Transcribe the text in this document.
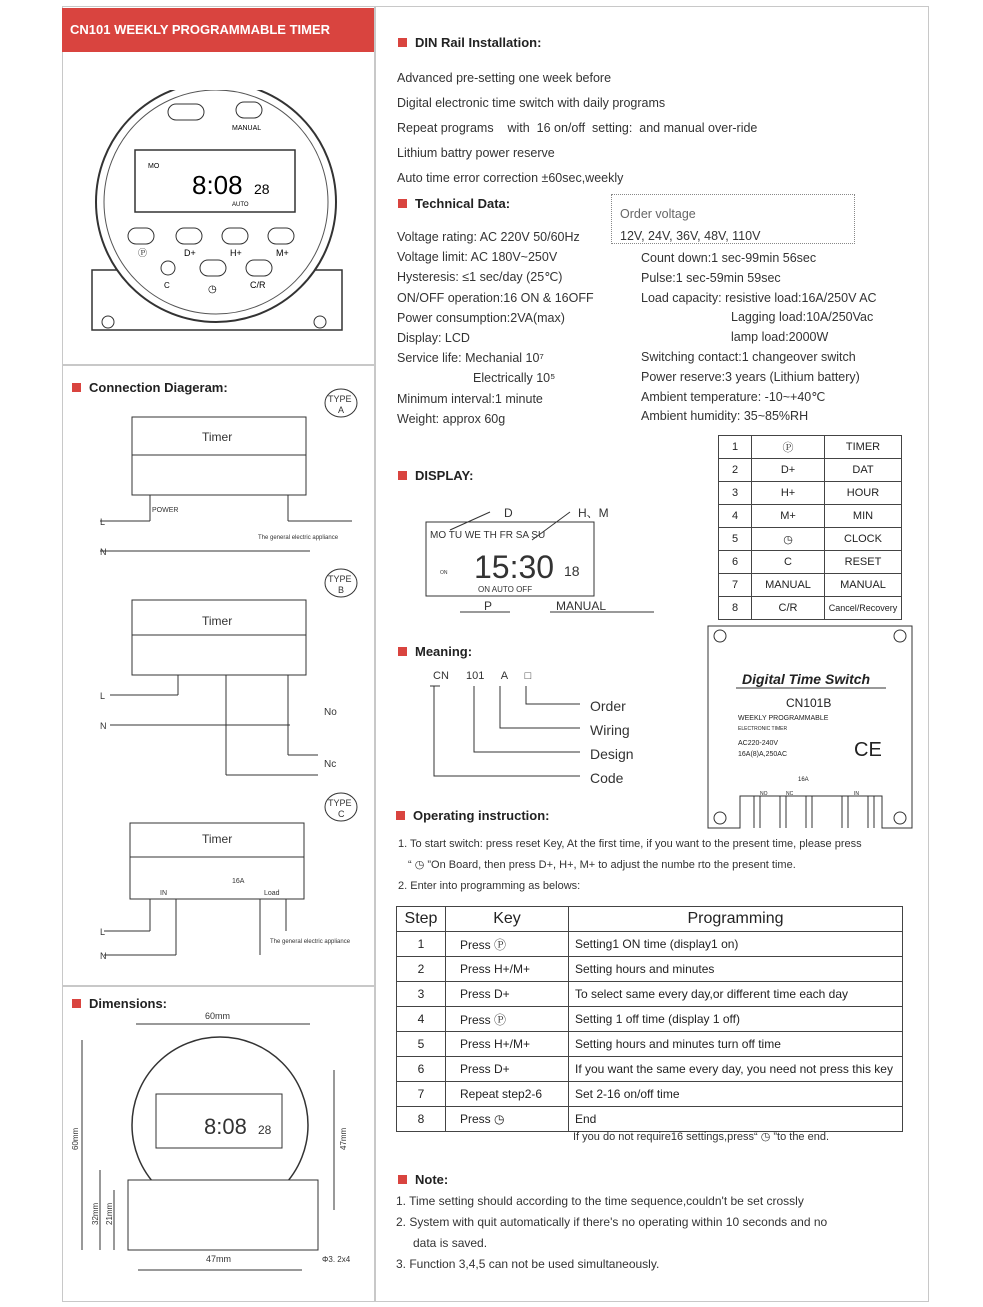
CN101 WEEKLY PROGRAMMABLE TIMER
MO
8:08 28
AUTO
MANUAL
Ⓟ	D+	H+	M+
C	◷	C/R
Connection Diageram:
TYPE
A
Timer
POWER
The general electric appliance
L
N
TYPE
B
Timer
No
Nc
L
N
TYPE
C
Timer
IN
16A
Load
L
N
The general electric appliance
Dimensions:
60mm
8:08 28
47mm	Φ3. 2x4
60mm
32mm 21mm
47mm
DIN Rail Installation:
Advanced pre-setting one week before
Digital electronic time switch with daily programs
Repeat programs    with  16 on/off  setting:  and manual over-ride
Lithium battry power reserve
Auto time error correction ±60sec,weekly
Technical Data:
Voltage rating: AC 220V 50/60Hz
Voltage limit: AC 180V~250V
Hysteresis: ≤1 sec/day (25℃)
ON/OFF operation:16 ON & 16OFF
Power consumption:2VA(max)
Display: LCD
Service life: Mechanial 10⁷
Electrically 10⁵
Minimum interval:1 minute
Weight: approx 60g
Order voltage
12V, 24V, 36V, 48V, 110V
Count down:1 sec-99min 56sec
Pulse:1 sec-59min 59sec
Load capacity: resistive load:16A/250V AC
Lagging load:10A/250Vac
lamp load:2000W
Switching contact:1 changeover switch
Power reserve:3 years (Lithium battery)
Ambient temperature: -10~+40℃
Ambient humidity: 35~85%RH
1	Ⓟ	TIMER
2	D+	DAT
3	H+	HOUR
4	M+	MIN
5	◷	CLOCK
6	C	RESET
7	MANUAL	MANUAL
8	C/R	Cancel/Recovery
DISPLAY:
D	H、M
MO TU WE TH FR SA SU
15:30 18
ON AUTO OFF
ON
P	MANUAL
Meaning:
CN 101 A □
Order
Wiring
Design
Code
Digital Time Switch
CN101B
WEEKLY PROGRAMMABLE
ELECTRONIC TIMER
AC220-240V
16A(8)A,250AC	CE
16A
NO	NC	IN
Operating instruction:
1. To start switch: press reset Key, At the first time, if you want to the present time, please press
“ ◷ ”On Board, then press D+, H+, M+ to adjust the numbe rto the present time.
2. Enter into programming as belows:
Step	Key	Programming
1	Press Ⓟ	Setting1 ON time (display1 on)
2	Press H+/M+	Setting hours and minutes
3	Press D+	To select same every day,or different time each day
4	Press Ⓟ	Setting 1 off time (display 1 off)
5	Press H+/M+	Setting hours and minutes turn off time
6	Press D+	If you want the same every day, you need not press this key
7	Repeat step2-6	Set 2-16 on/off time
8	Press ◷	End
If you do not require16 settings,press“ ◷ ”to the end.
Note:
1. Time setting should according to the time sequence,couldn't be set crossly
2. System with quit automatically if there's no operating within 10 seconds and no
data is saved.
3. Function 3,4,5 can not be used simultaneously.
